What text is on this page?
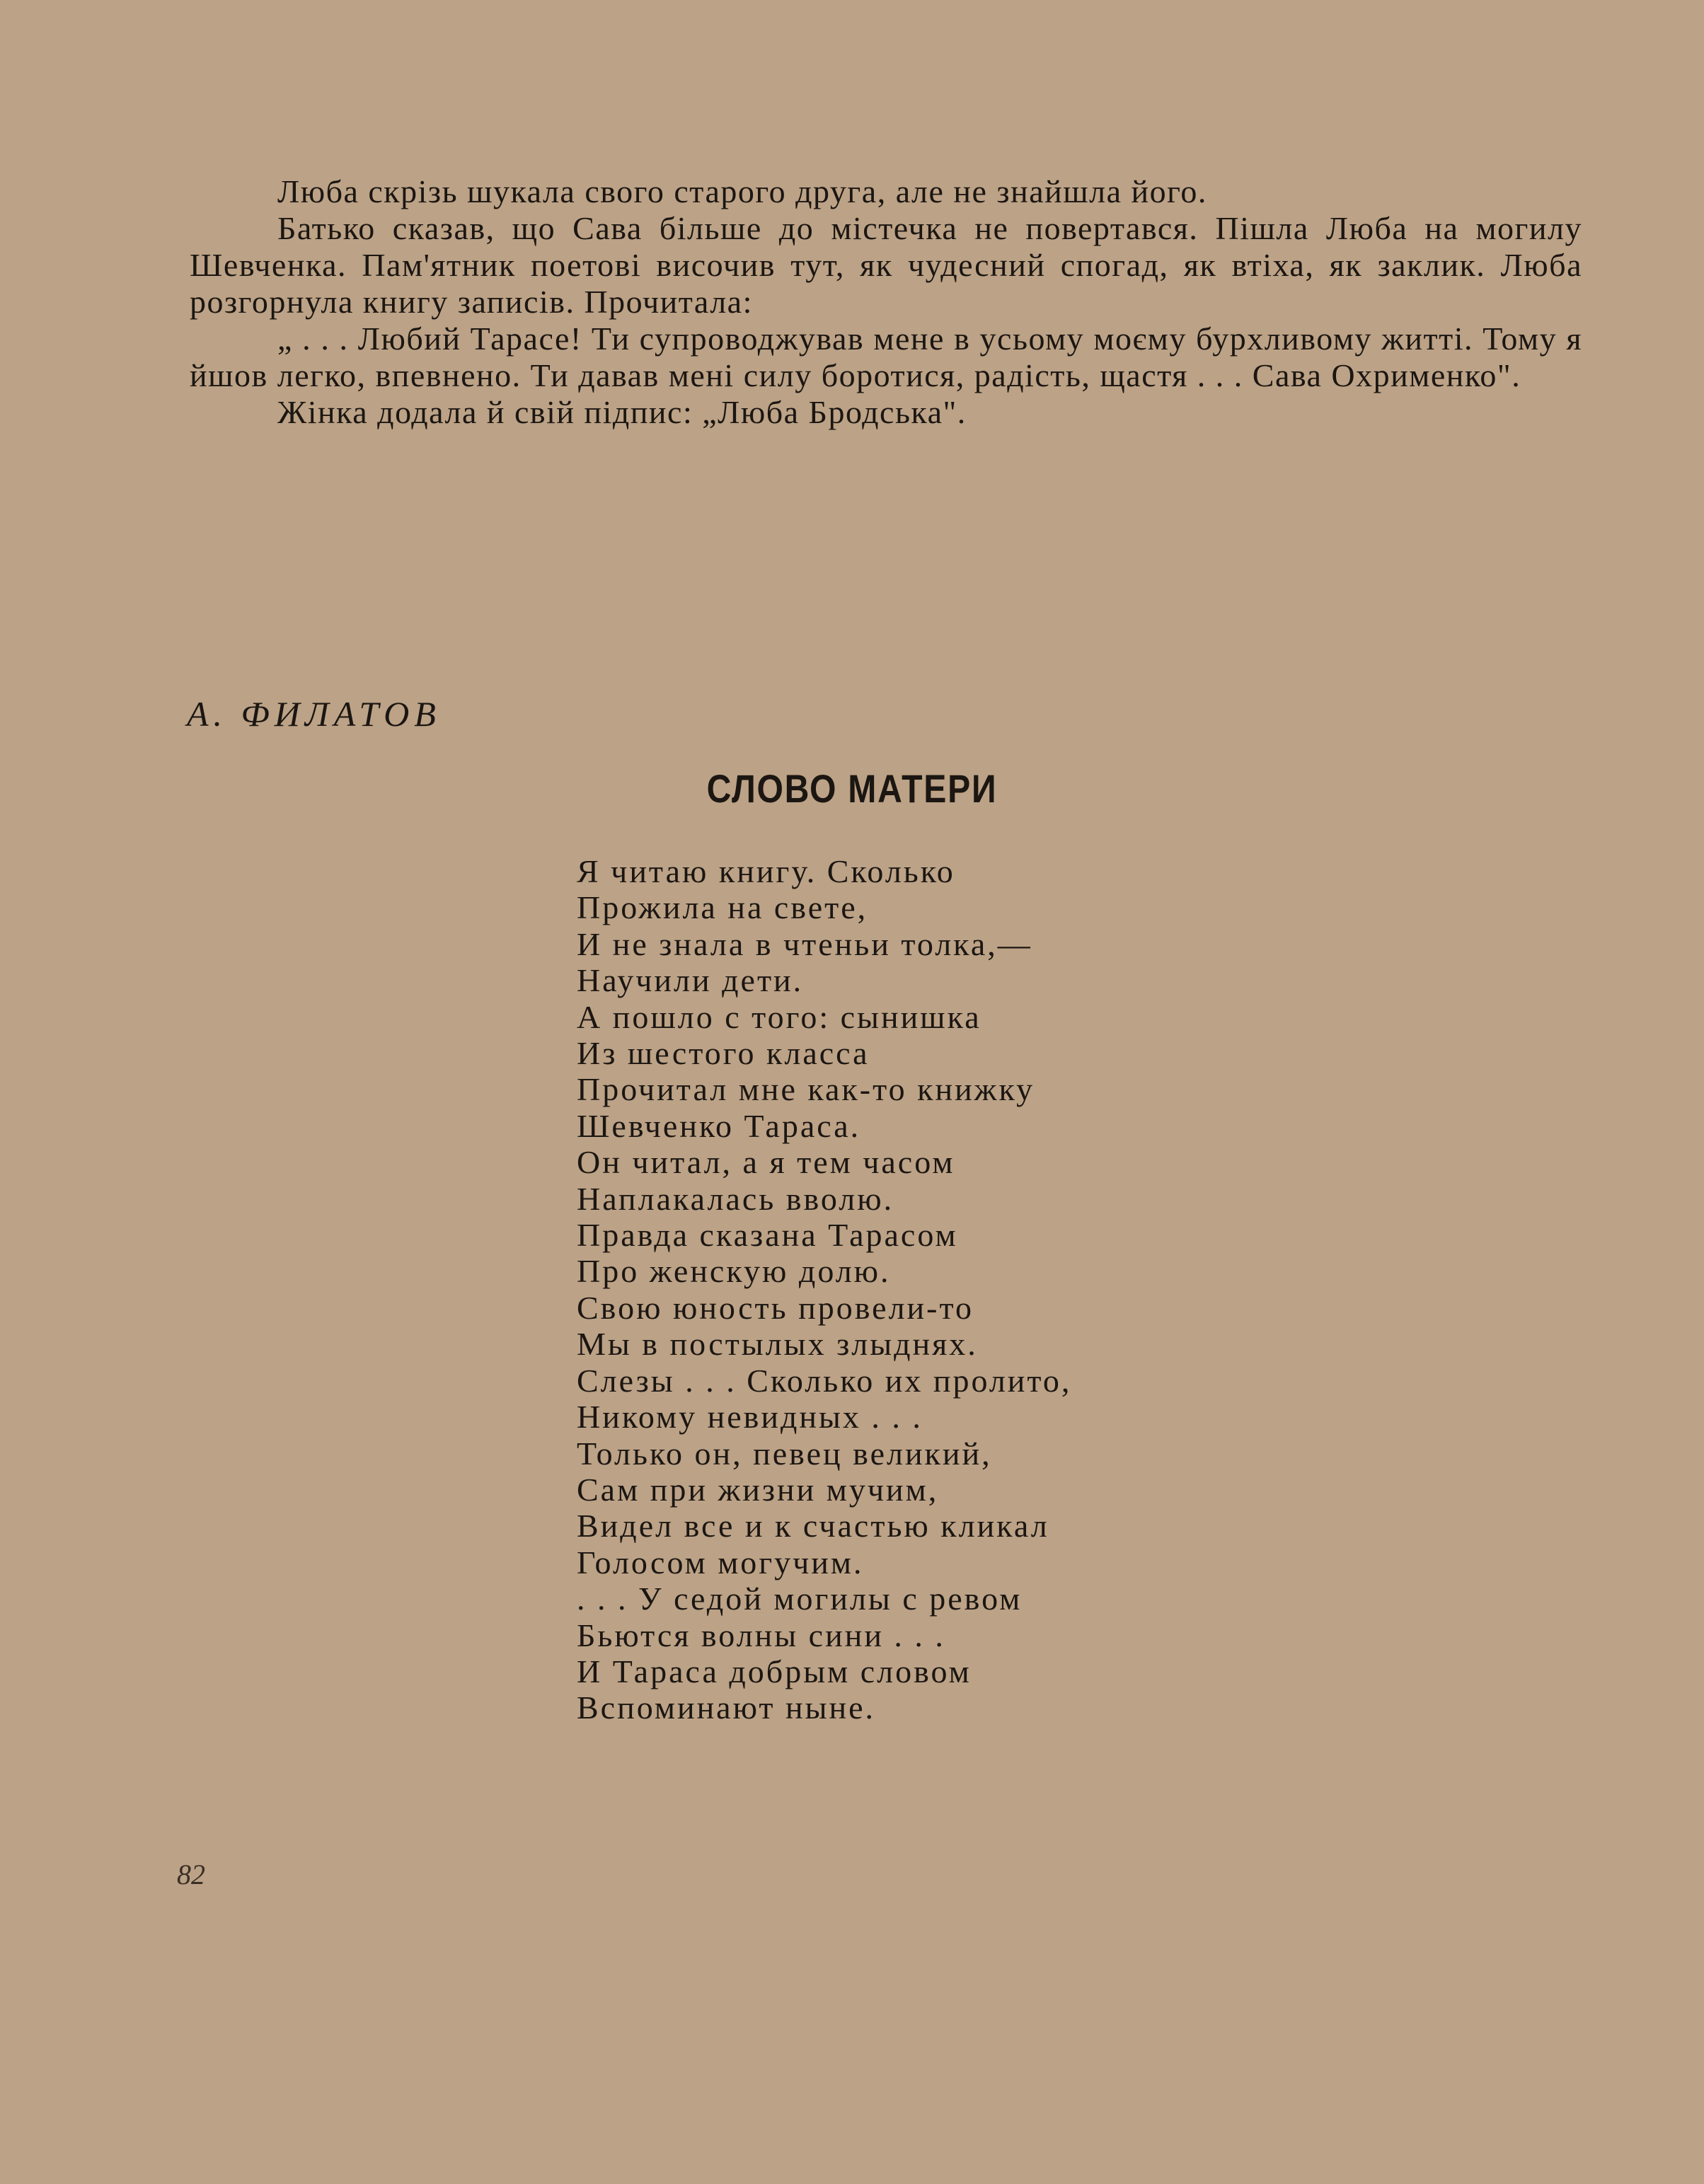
Люба скрізь шукала свого старого друга, але не знайшла його.

Батько сказав, що Сава більше до містечка не повертався. Пішла Люба на могилу Шевченка. Пам'ятник поетові височив тут, як чудесний спогад, як втіха, як заклик. Люба розгорнула книгу записів. Прочитала:

„ . . . Любий Тарасе! Ти супроводжував мене в усьому моєму бурхливому житті. Тому я йшов легко, впевнено. Ти давав мені силу боротися, радість, щастя . . . Сава Охрименко".

Жінка додала й свій підпис: „Люба Бродська".

А. ФИЛАТОВ
СЛОВО МАТЕРИ
Я читаю книгу. Сколько
Прожила на свете,
И не знала в чтеньи толка,—
Научили дети.
А пошло с того: сынишка
Из шестого класса
Прочитал мне как-то книжку
Шевченко Тараса.
Он читал, а я тем часом
Наплакалась вволю.
Правда сказана Тарасом
Про женскую долю.
Свою юность провели-то
Мы в постылых злыднях.
Слезы . . . Сколько их пролито,
Никому невидных . . .
Только он, певец великий,
Сам при жизни мучим,
Видел все и к счастью кликал
Голосом могучим.
. . . У седой могилы с ревом
Бьются волны сини . . .
И Тараса добрым словом
Вспоминают ныне.
82
